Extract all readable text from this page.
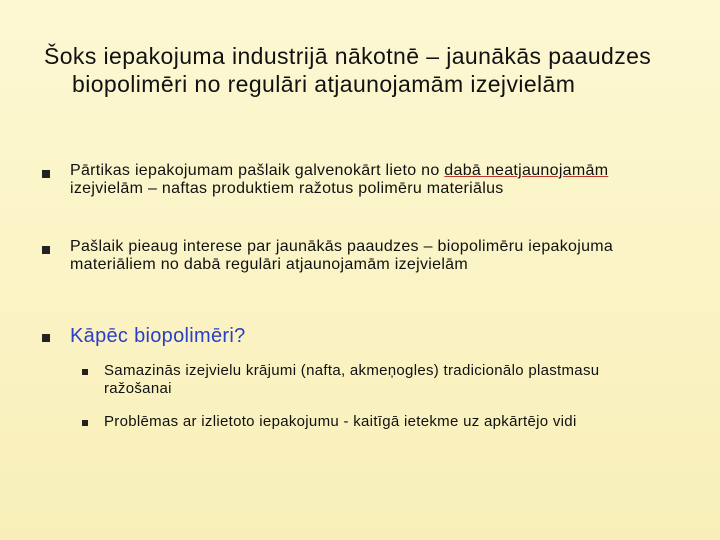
Šoks iepakojuma industrijā nākotnē – jaunākās paaudzes biopolimēri no regulāri atjaunojamām izejvielām
Pārtikas iepakojumam pašlaik galvenokārt lieto no dabā neatjaunojamām izejvielām – naftas produktiem ražotus polimēru materiālus
Pašlaik pieaug interese par jaunākās paaudzes – biopolimēru iepakojuma materiāliem no dabā regulāri atjaunojamām izejvielām
Kāpēc biopolimēri?
Samazinās izejvielu krājumi (nafta, akmeņogles) tradicionālo plastmasu ražošanai
Problēmas ar izlietoto iepakojumu - kaitīgā ietekme uz apkārtējo vidi
